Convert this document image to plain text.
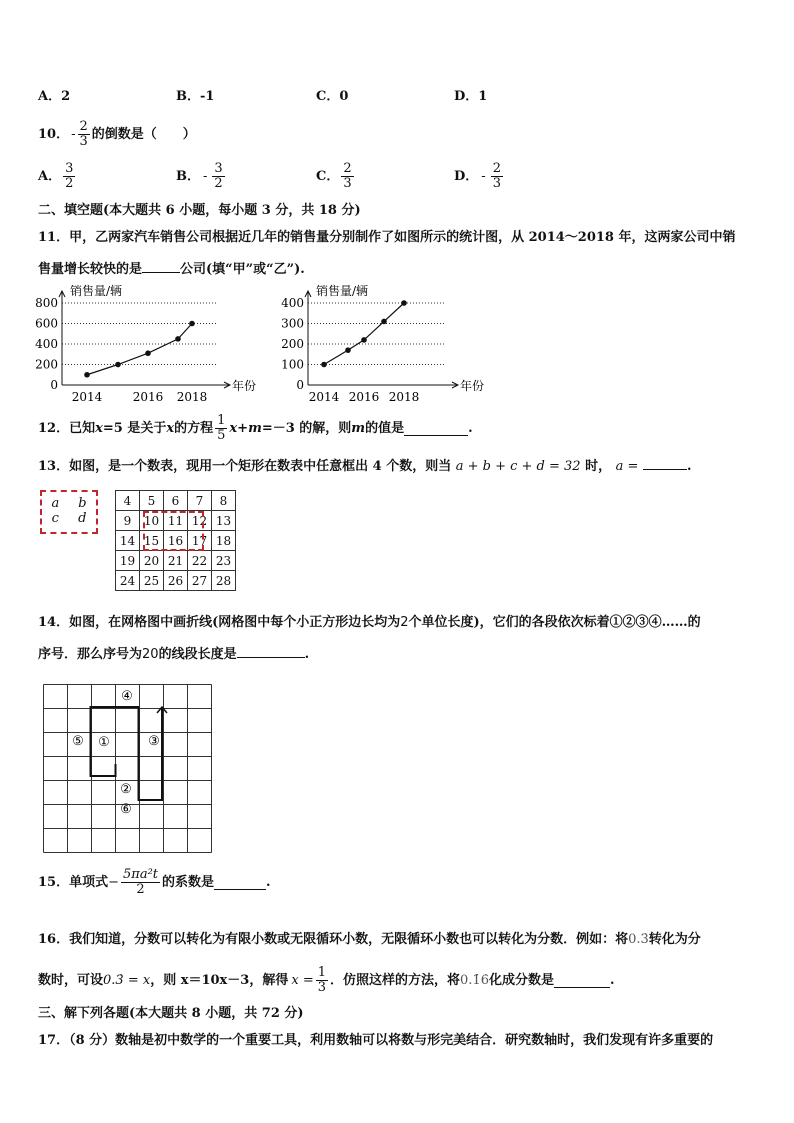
A．2	B．-1	C．0	D．1
10． - $\frac{2}{3}$ 的倒数是（　　）
A． $\frac{3}{2}$	B． - $\frac{3}{2}$	C． $\frac{2}{3}$	D． - $\frac{2}{3}$
二、填空题(本大题共 6 小题，每小题 3 分，共 18 分)
11．甲，乙两家汽车销售公司根据近几年的销售量分别制作了如图所示的统计图，从 2014～2018 年，这两家公司中销
售量增长较快的是	公司(填“甲”或“乙”).
0
200
400
600
800
销售量/辆
年份
2014	2016 2018
0
100
200
300
400
销售量/辆
年份
2014 2016 2018
12．已知 x =5 是关于 x 的方程 $\frac{1}{5}$ x + m =－3 的解，则 m 的值是	.
13．如图，是一个数表，现用一个矩形在数表中任意框出 4 个数，则当 a + b + c + d = 32 时， a =	.
a b
c d
4	5	6	7	8
9	10	11	12	13
14	15	16	17	18
19	20	21	22	23
24	25	26	27	28
14．如图，在网格图中画折线(网格图中每个小正方形边长均为2个单位长度)，它们的各段依次标着①②③④……的
序号．那么序号为20的线段长度是	.
④
⑤ ①	③
②
⑥
15．单项式 − $\frac{\text{5πa²t}}{2}$ 的系数是	.
16．我们知道，分数可以转化为有限小数或无限循环小数，无限循环小数也可以转化为分数．例如：将0.3̇转化为分
数时，可设 0.3̇ = x ，则 x＝10x－3，解得 $x = \frac{1}{3}$ ．仿照这样的方法，将 0.1̇6̇ 化成分数是	.
三、解下列各题(本大题共 8 小题，共 72 分)
17．（8 分）数轴是初中数学的一个重要工具，利用数轴可以将数与形完美结合．研究数轴时，我们发现有许多重要的
